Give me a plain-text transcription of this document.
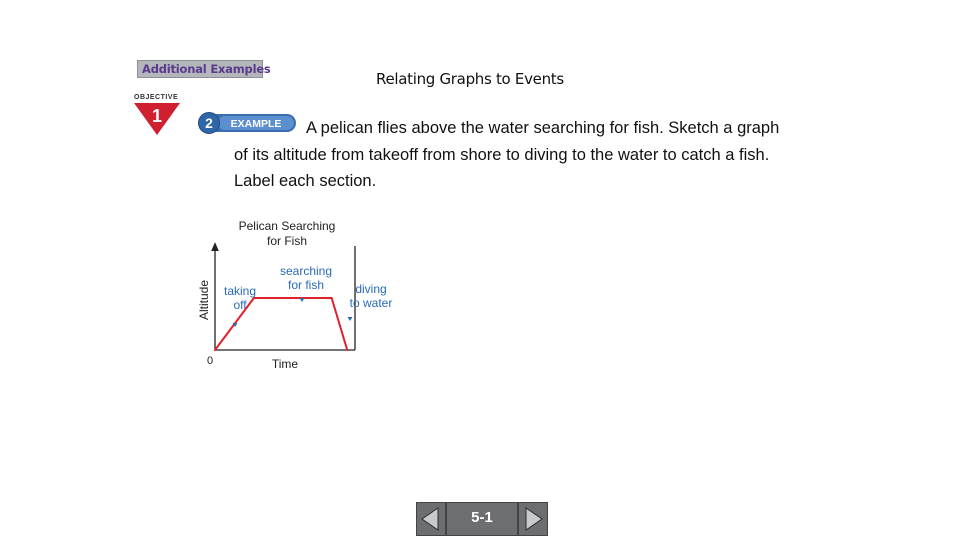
Additional Examples
Relating Graphs to Events
OBJECTIVE
1	2 EXAMPLE	A pelican flies above the water searching for fish. Sketch a graph of its altitude from takeoff from shore to diving to the water to catch a fish. Label each section.
Pelican Searching
for Fish
0	Time
Altitude taking
off
searching
for fish	diving
to water
5-1
